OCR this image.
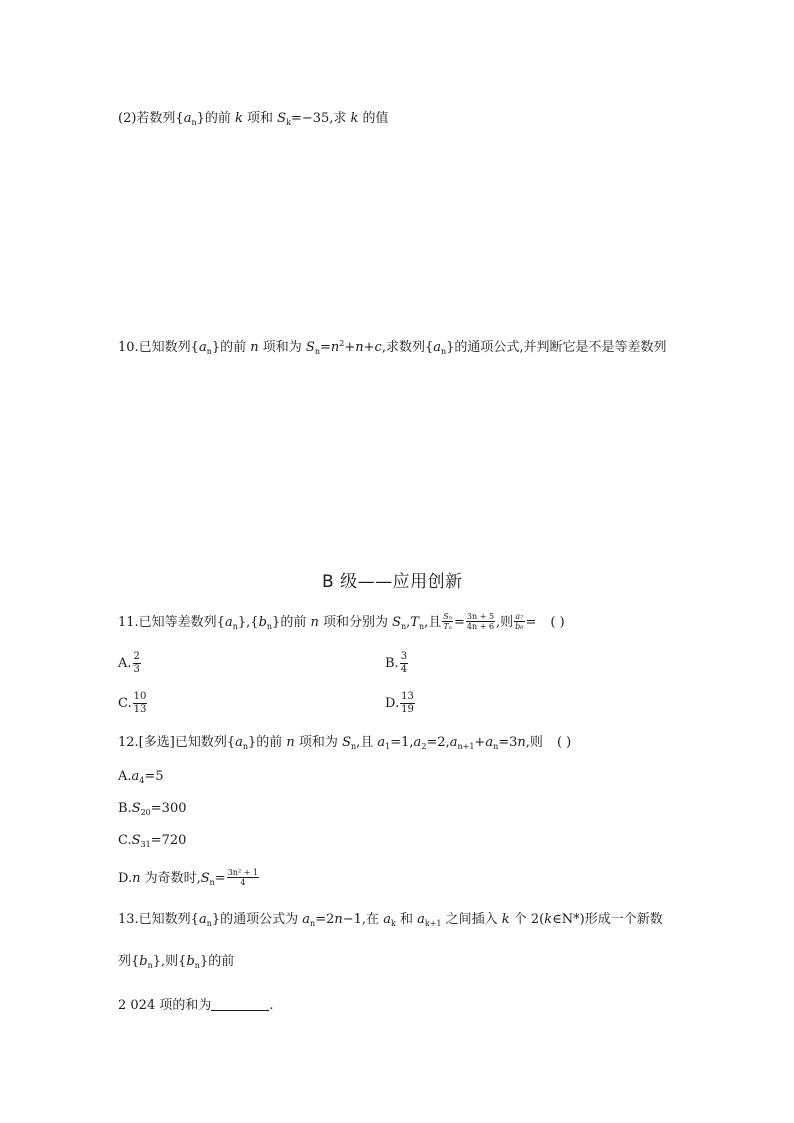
(2)若数列$\{a_n\}$的前 k 项和 $S_k=-35$,求 k 的值
10.已知数列$\{a_n\}$的前 n 项和为 $S_n=n^2+n+c$,求数列$\{a_n\}$的通项公式,并判断它是不是等差数列
B 级——应用创新
11.已知等差数列$\{a_n\},\{b_n\}$的前 n 项和分别为 $S_n,T_n$,且 $\frac{\text{Sₙ}}{\text{Tₙ}} = \frac{3n + 5}{4n + 6}$ ,则 $\frac{\text{a₇}}{\text{b₆}}$ = ( )
A. $\frac{2}{3}$	B. $\frac{3}{4}$
C. $\frac{10}{13}$	D. $\frac{13}{19}$
12.[多选]已知数列$\{a_n\}$的前 n 项和为 $S_n$,且 $a_1=1,a_2=2,a_{n+1}+a_n=3n$,则 ( )
$A.a_4=5$
$B.S_{20}=300$
$C.S_{31}=720$
D.n 为奇数时$,S_n= \frac{\text{3n² + 1}}{4}$
13.已知数列$\{a_n\}$的通项公式为 $a_n=2n-1$,在 $a_k$ 和 $a_{k+1}$ 之间插入 k 个 2(k∈N*)形成一个新数
列$\{b_n\}$,则$\{b_n\}$的前
2 024 项的和为	.
